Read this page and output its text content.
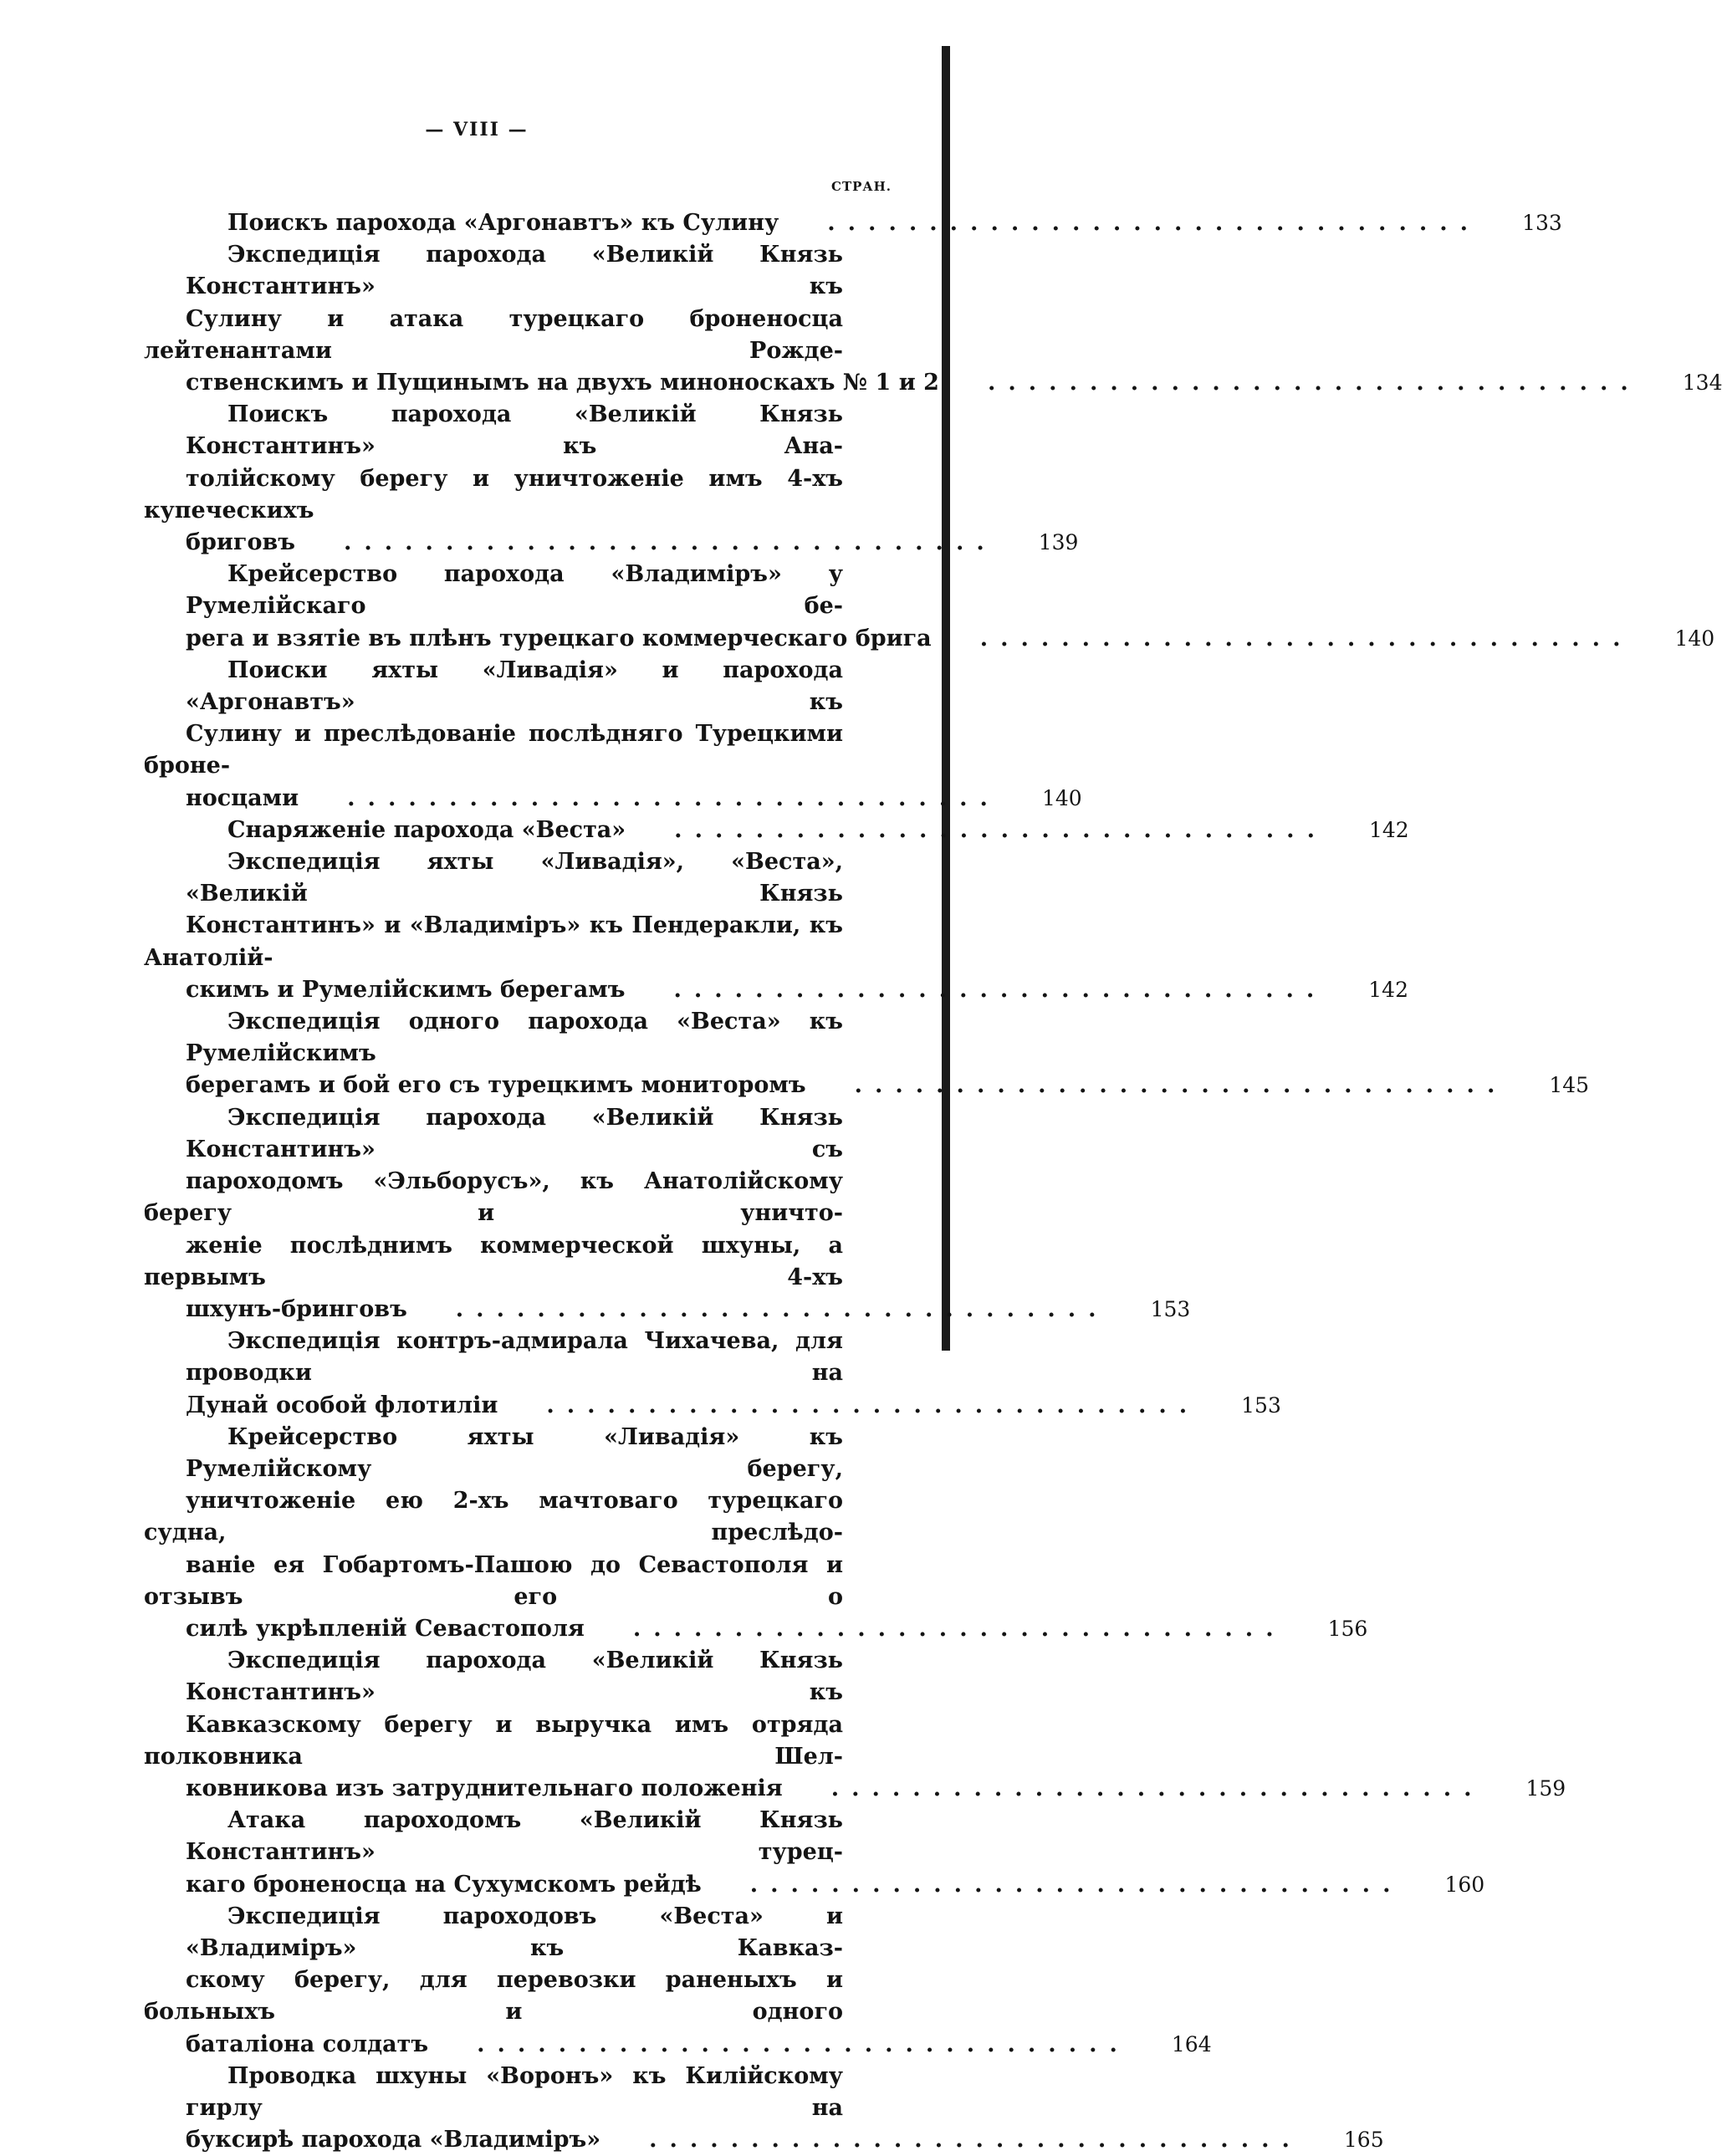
— VIII —
СТРАН.
Поискъ парохода «Аргонавтъ» къ Сулину	................................	133
Экспедиція парохода «Великій Князь Константинъ» къ
Сулину и атака турецкаго броненосца лейтенантами Рожде-
ственскимъ и Пущинымъ на двухъ миноноскахъ № 1 и 2	................................	134
Поискъ парохода «Великій Князь Константинъ» къ Ана-
толійскому берегу и уничтоженіе имъ 4-хъ купеческихъ
бриговъ	................................	139
Крейсерство парохода «Владиміръ» у Румелійскаго бе-
рега и взятіе въ плѣнъ турецкаго коммерческаго брига	................................	140
Поиски яхты «Ливадія» и парохода «Аргонавтъ» къ
Сулину и преслѣдованіе послѣдняго Турецкими броне-
носцами	................................	140
Снаряженіе парохода «Веста»	................................	142
Экспедиція яхты «Ливадія», «Веста», «Великій Князь
Константинъ» и «Владиміръ» къ Пендеракли, къ Анатолій-
скимъ и Румелійскимъ берегамъ	................................	142
Экспедиція одного парохода «Веста» къ Румелійскимъ
берегамъ и бой его съ турецкимъ мониторомъ	................................	145
Экспедиція парохода «Великій Князь Константинъ» съ
пароходомъ «Эльборусъ», къ Анатолійскому берегу и уничто-
женіе послѣднимъ коммерческой шхуны, а первымъ 4-хъ
шхунъ-бринговъ	................................	153
Экспедиція контръ-адмирала Чихачева, для проводки на
Дунай особой флотиліи	................................	153
Крейсерство яхты «Ливадія» къ Румелійскому берегу,
уничтоженіе ею 2-хъ мачтоваго турецкаго судна, преслѣдо-
ваніе ея Гобартомъ-Пашою до Севастополя и отзывъ его о
силѣ укрѣпленій Севастополя	................................	156
Экспедиція парохода «Великій Князь Константинъ» къ
Кавказскому берегу и выручка имъ отряда полковника Шел-
ковникова изъ затруднительнаго положенія	................................	159
Атака пароходомъ «Великій Князь Константинъ» турец-
каго броненосца на Сухумскомъ рейдѣ	................................	160
Экспедиція пароходовъ «Веста» и «Владиміръ» къ Кавказ-
скому берегу, для перевозки раненыхъ и больныхъ и одного
баталіона солдатъ	................................	164
Проводка шхуны «Воронъ» къ Килійскому гирлу на
буксирѣ парохода «Владиміръ»	................................	165
